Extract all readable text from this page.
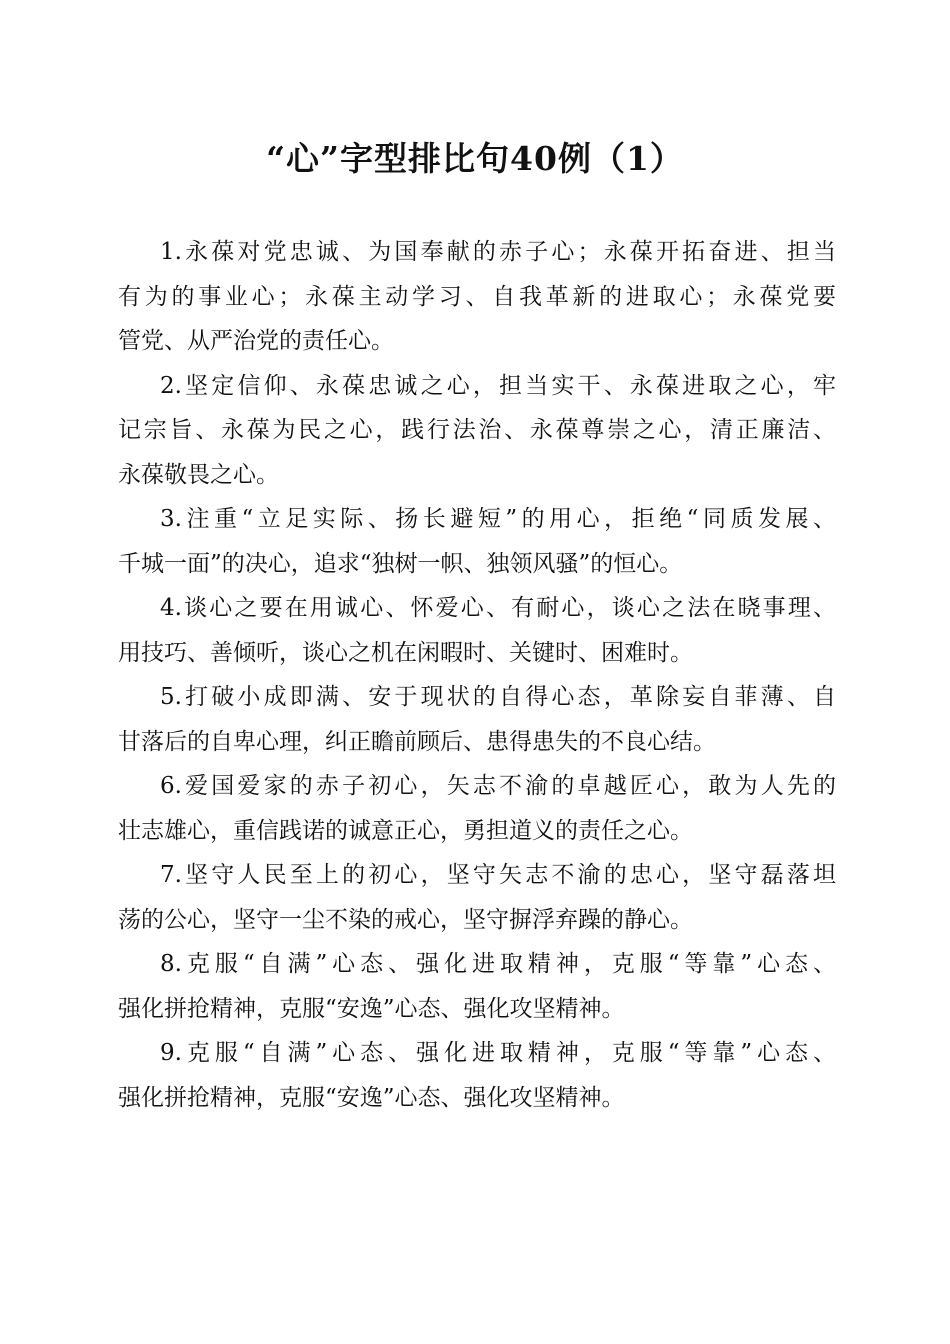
“心”字型排比句40例（1）
1.永葆对党忠诚、为国奉献的赤子心；永葆开拓奋进、担当
有为的事业心；永葆主动学习、自我革新的进取心；永葆党要
管党、从严治党的责任心。
2.坚定信仰、永葆忠诚之心，担当实干、永葆进取之心，牢
记宗旨、永葆为民之心，践行法治、永葆尊崇之心，清正廉洁、
永葆敬畏之心。
3.注重“立足实际、扬长避短”的用心，拒绝“同质发展、
千城一面”的决心，追求“独树一帜、独领风骚”的恒心。
4.谈心之要在用诚心、怀爱心、有耐心，谈心之法在晓事理、
用技巧、善倾听，谈心之机在闲暇时、关键时、困难时。
5.打破小成即满、安于现状的自得心态，革除妄自菲薄、自
甘落后的自卑心理，纠正瞻前顾后、患得患失的不良心结。
6.爱国爱家的赤子初心，矢志不渝的卓越匠心，敢为人先的
壮志雄心，重信践诺的诚意正心，勇担道义的责任之心。
7.坚守人民至上的初心，坚守矢志不渝的忠心，坚守磊落坦
荡的公心，坚守一尘不染的戒心，坚守摒浮弃躁的静心。
8.克服“自满”心态、强化进取精神，克服“等靠”心态、
强化拼抢精神，克服“安逸”心态、强化攻坚精神。
9.克服“自满”心态、强化进取精神，克服“等靠”心态、
强化拼抢精神，克服“安逸”心态、强化攻坚精神。
